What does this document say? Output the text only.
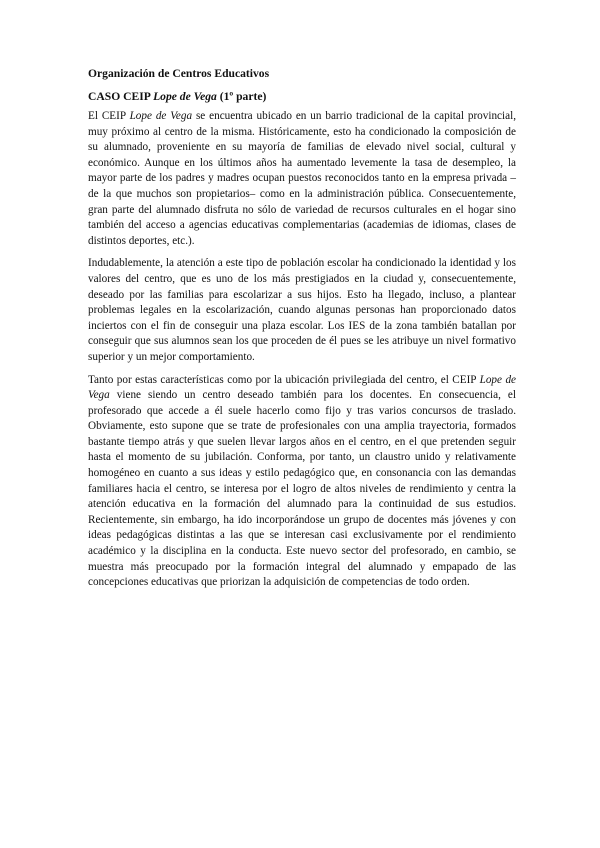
Organización de Centros Educativos
CASO CEIP Lope de Vega (1º parte)

El CEIP Lope de Vega se encuentra ubicado en un barrio tradicional de la capital provincial, muy próximo al centro de la misma. Históricamente, esto ha condicionado la composición de su alumnado, proveniente en su mayoría de familias de elevado nivel social, cultural y económico. Aunque en los últimos años ha aumentado levemente la tasa de desempleo, la mayor parte de los padres y madres ocupan puestos reconocidos tanto en la empresa privada –de la que muchos son propietarios– como en la administración pública. Consecuentemente, gran parte del alumnado disfruta no sólo de variedad de recursos culturales en el hogar sino también del acceso a agencias educativas complementarias (academias de idiomas, clases de distintos deportes, etc.).

Indudablemente, la atención a este tipo de población escolar ha condicionado la identidad y los valores del centro, que es uno de los más prestigiados en la ciudad y, consecuentemente, deseado por las familias para escolarizar a sus hijos. Esto ha llegado, incluso, a plantear problemas legales en la escolarización, cuando algunas personas han proporcionado datos inciertos con el fin de conseguir una plaza escolar. Los IES de la zona también batallan por conseguir que sus alumnos sean los que proceden de él pues se les atribuye un nivel formativo superior y un mejor comportamiento.

Tanto por estas características como por la ubicación privilegiada del centro, el CEIP Lope de Vega viene siendo un centro deseado también para los docentes. En consecuencia, el profesorado que accede a él suele hacerlo como fijo y tras varios concursos de traslado. Obviamente, esto supone que se trate de profesionales con una amplia trayectoria, formados bastante tiempo atrás y que suelen llevar largos años en el centro, en el que pretenden seguir hasta el momento de su jubilación. Conforma, por tanto, un claustro unido y relativamente homogéneo en cuanto a sus ideas y estilo pedagógico que, en consonancia con las demandas familiares hacia el centro, se interesa por el logro de altos niveles de rendimiento y centra la atención educativa en la formación del alumnado para la continuidad de sus estudios. Recientemente, sin embargo, ha ido incorporándose un grupo de docentes más jóvenes y con ideas pedagógicas distintas a las que se interesan casi exclusivamente por el rendimiento académico y la disciplina en la conducta. Este nuevo sector del profesorado, en cambio, se muestra más preocupado por la formación integral del alumnado y empapado de las concepciones educativas que priorizan la adquisición de competencias de todo orden.
